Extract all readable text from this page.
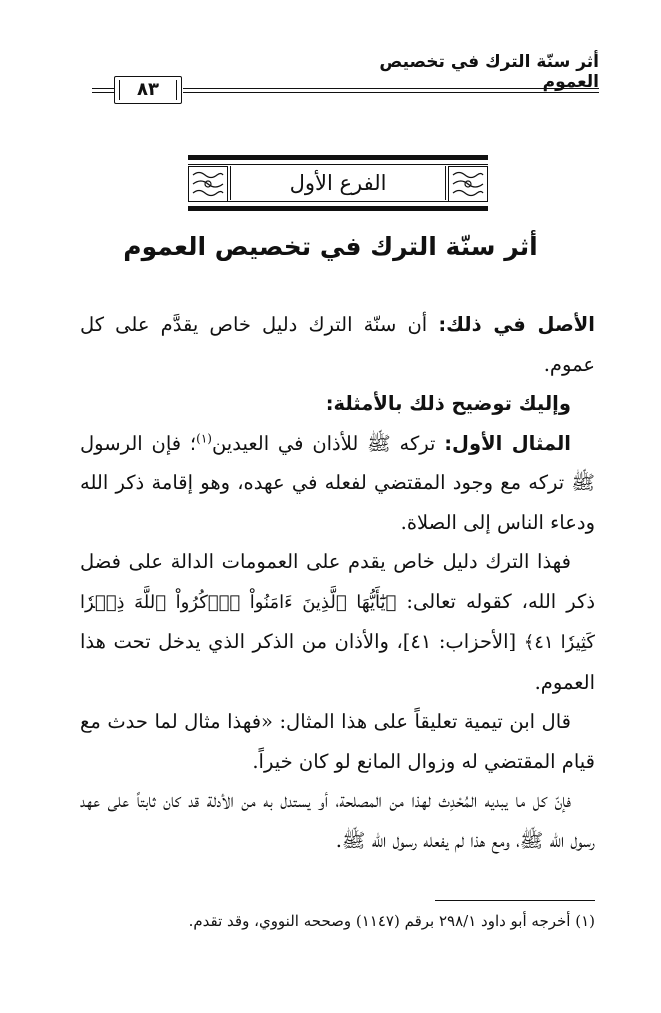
أثر سنّة الترك في تخصيص العموم
٨٣
الفرع الأول
أثر سنّة الترك في تخصيص العموم

الأصل في ذلك: أن سنّة الترك دليل خاص يقدَّم على كل عموم.

وإليك توضيح ذلك بالأمثلة:

المثال الأول: تركه ﷺ للأذان في العيدين$^{(١)}$؛ فإن الرسول ﷺ تركه مع وجود المقتضي لفعله في عهده، وهو إقامة ذكر الله ودعاء الناس إلى الصلاة.

فهذا الترك دليل خاص يقدم على العمومات الدالة على فضل ذكر الله، كقوله تعالى: ﴿يَٰٓأَيُّهَا ٱلَّذِينَ ءَامَنُواْ ٱذۡكُرُواْ ٱللَّهَ ذِكۡرٗا كَثِيرٗا ٤١﴾ [الأحزاب: ٤١]، والأذان من الذكر الذي يدخل تحت هذا العموم.

قال ابن تيمية تعليقاً على هذا المثال: «فهذا مثال لما حدث مع قيام المقتضي له وزوال المانع لو كان خيراً.

فإنّ كل ما يبديه المُحْدِث لهذا من المصلحة، أو يستدل به من الأدلة قد كان ثابتاً على عهد رسول الله ﷺ، ومع هذا لم يفعله رسول الله ﷺ.

(١) أخرجه أبو داود ٢٩٨/١ برقم (١١٤٧) وصححه النووي، وقد تقدم.
